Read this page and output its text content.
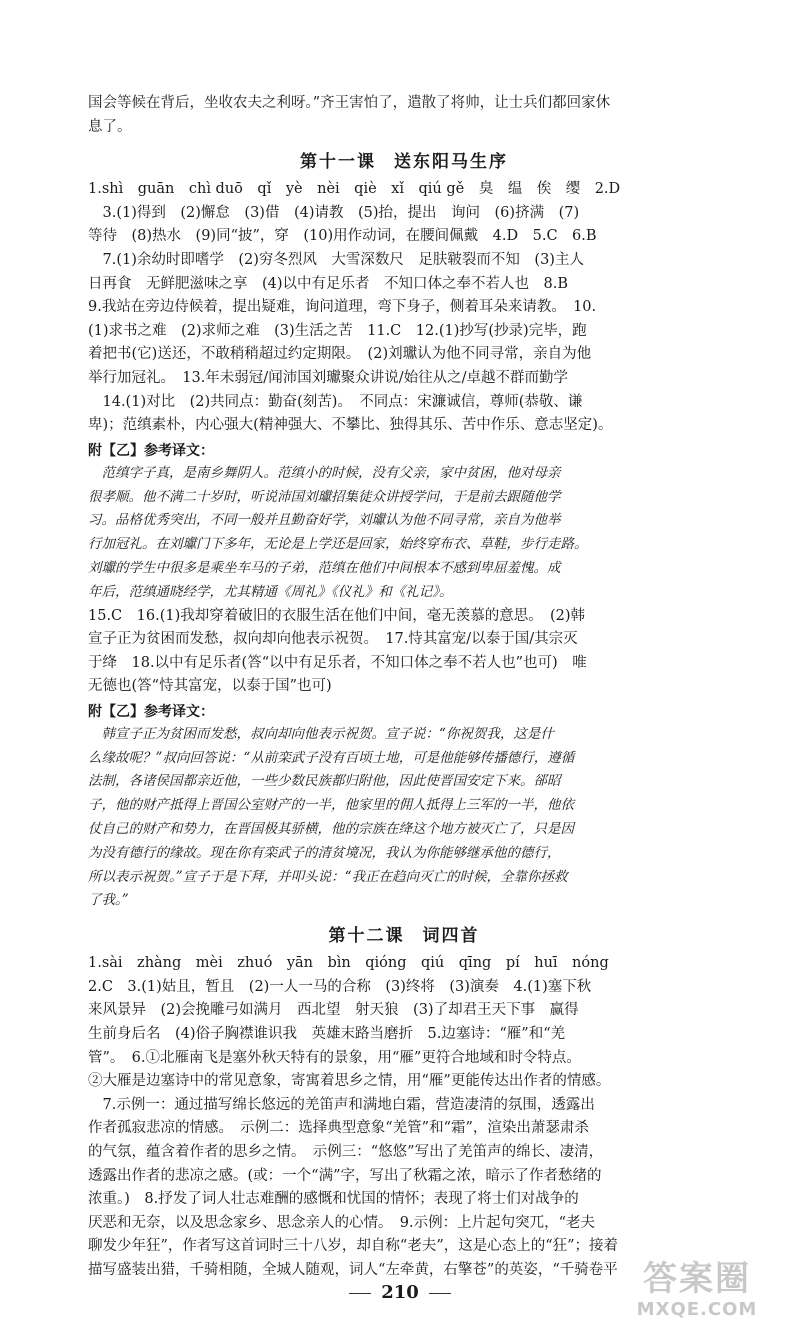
国会等候在背后，坐收农夫之利呀。”齐王害怕了，遣散了将帅，让士兵们都回家休

息了。

第十一课 送东阳马生序

1.shì　guān　chì duō　qǐ　yè　nèi　qiè　xǐ　qiú gě　臭　缊　俟　缨　2.D

　3.(1)得到　(2)懈怠　(3)借　(4)请教　(5)抬，提出　询问　(6)挤满　(7)

等待　(8)热水　(9)同“披”，穿　(10)用作动词，在腰间佩戴　4.D　5.C　6.B

　7.(1)余幼时即嗜学　(2)穷冬烈风　大雪深数尺　足肤皲裂而不知　(3)主人

日再食　无鲜肥滋味之享　(4)以中有足乐者　不知口体之奉不若人也　8.B

9.我站在旁边侍候着，提出疑难，询问道理，弯下身子，侧着耳朵来请教。　10.

(1)求书之难　(2)求师之难　(3)生活之苦　11.C　12.(1)抄写(抄录)完毕，跑

着把书(它)送还，不敢稍稍超过约定期限。　(2)刘瓛认为他不同寻常，亲自为他

举行加冠礼。　13.年未弱冠/闻沛国刘瓛聚众讲说/始往从之/卓越不群而勤学

　14.(1)对比　(2)共同点：勤奋(刻苦)。　不同点：宋濂诚信，尊师(恭敬、谦

卑)；范缜素朴，内心强大(精神强大、不攀比、独得其乐、苦中作乐、意志坚定)。

附【乙】参考译文：

　范缜字子真，是南乡舞阴人。范缜小的时候，没有父亲，家中贫困，他对母亲

很孝顺。他不满二十岁时，听说沛国刘瓛招集徒众讲授学问，于是前去跟随他学

习。品格优秀突出，不同一般并且勤奋好学，刘瓛认为他不同寻常，亲自为他举

行加冠礼。在刘瓛门下多年，无论是上学还是回家，始终穿布衣、草鞋，步行走路。

刘瓛的学生中很多是乘坐车马的子弟，范缜在他们中间根本不感到卑屈羞愧。成

年后，范缜通晓经学，尤其精通《周礼》《仪礼》和《礼记》。

15.C　16.(1)我却穿着破旧的衣服生活在他们中间，毫无羡慕的意思。　(2)韩

宣子正为贫困而发愁，叔向却向他表示祝贺。　17.恃其富宠/以泰于国/其宗灭

于绛　18.以中有足乐者(答“以中有足乐者，不知口体之奉不若人也”也可)　唯

无德也(答“恃其富宠，以泰于国”也可)

附【乙】参考译文：

　韩宣子正为贫困而发愁，叔向却向他表示祝贺。宣子说：“你祝贺我，这是什

么缘故呢？”叔向回答说：“从前栾武子没有百顷土地，可是他能够传播德行，遵循

法制，各诸侯国都亲近他，一些少数民族都归附他，因此使晋国安定下来。郤昭

子，他的财产抵得上晋国公室财产的一半，他家里的佣人抵得上三军的一半，他依

仗自己的财产和势力，在晋国极其骄横，他的宗族在绛这个地方被灭亡了，只是因

为没有德行的缘故。现在你有栾武子的清贫境况，我认为你能够继承他的德行，

所以表示祝贺。”宣子于是下拜，并叩头说：“我正在趋向灭亡的时候，全靠你拯救

了我。”

第十二课 词四首

1.sài　zhàng　mèi　zhuó　yān　bìn　qióng　qiú　qīng　pí　huī　nóng

2.C　3.(1)姑且，暂且　(2)一人一马的合称　(3)终将　(3)演奏　4.(1)塞下秋

来风景异　(2)会挽雕弓如满月　西北望　射天狼　(3)了却君王天下事　赢得

生前身后名　(4)俗子胸襟谁识我　英雄末路当磨折　5.边塞诗：“雁”和“羌

管”。　6.①北雁南飞是塞外秋天特有的景象，用“雁”更符合地域和时令特点。

②大雁是边塞诗中的常见意象，寄寓着思乡之情，用“雁”更能传达出作者的情感。

　7.示例一：通过描写绵长悠远的羌笛声和满地白霜，营造凄清的氛围，透露出

作者孤寂悲凉的情感。　示例二：选择典型意象“羌管”和“霜”，渲染出萧瑟肃杀

的气氛，蕴含着作者的思乡之情。　示例三：“悠悠”写出了羌笛声的绵长、凄清，

透露出作者的悲凉之感。(或：一个“满”字，写出了秋霜之浓，暗示了作者愁绪的

浓重。)　8.抒发了词人壮志难酬的感慨和忧国的情怀；表现了将士们对战争的

厌恶和无奈，以及思念家乡、思念亲人的心情。　9.示例：上片起句突兀，“老夫

聊发少年狂”，作者写这首词时三十八岁，却自称“老夫”，这是心态上的“狂”；接着

描写盛装出猎，千骑相随，全城人随观，词人“左牵黄，右擎苍”的英姿，“千骑卷平

210	答案圈
MXQE.COM
